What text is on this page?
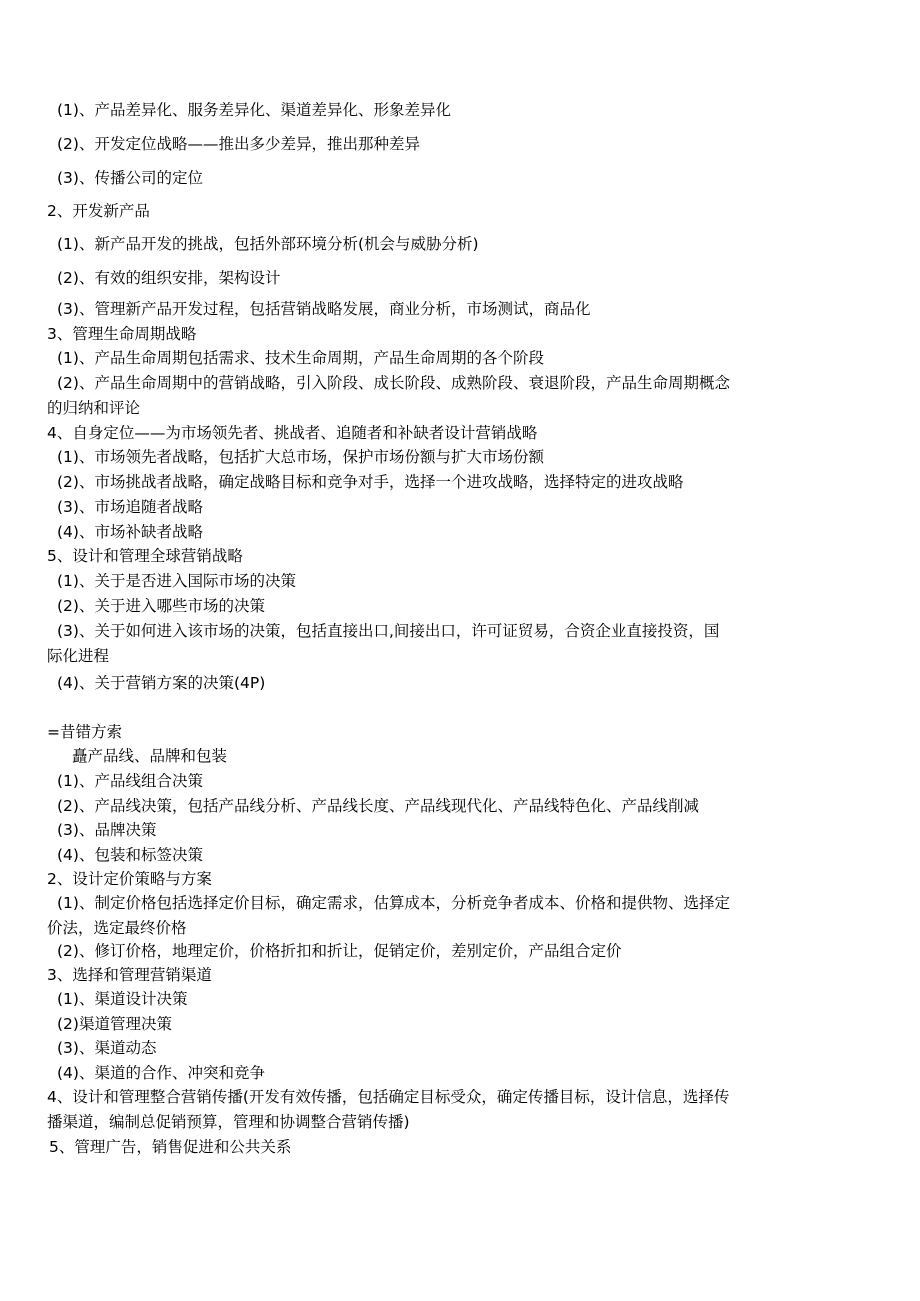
(1)、产品差异化、服务差异化、渠道差异化、形象差异化
(2)、开发定位战略——推出多少差异，推出那种差异
(3)、传播公司的定位
2、开发新产品
(1)、新产品开发的挑战，包括外部环境分析(机会与威胁分析)
(2)、有效的组织安排，架构设计
(3)、管理新产品开发过程，包括营销战略发展，商业分析，市场测试，商品化
3、管理生命周期战略
(1)、产品生命周期包括需求、技术生命周期，产品生命周期的各个阶段
(2)、产品生命周期中的营销战略，引入阶段、成长阶段、成熟阶段、衰退阶段，产品生命周期概念
的归纳和评论
4、自身定位——为市场领先者、挑战者、追随者和补缺者设计营销战略
(1)、市场领先者战略，包括扩大总市场，保护市场份额与扩大市场份额
(2)、市场挑战者战略，确定战略目标和竞争对手，选择一个进攻战略，选择特定的进攻战略
(3)、市场追随者战略
(4)、市场补缺者战略
5、设计和管理全球营销战略
(1)、关于是否进入国际市场的决策
(2)、关于进入哪些市场的决策
(3)、关于如何进入该市场的决策，包括直接出口,间接出口，许可证贸易，合资企业直接投资，国
际化进程
(4)、关于营销方案的决策(4P)
=昔错方索
矗产品线、品牌和包装
(1)、产品线组合决策
(2)、产品线决策，包括产品线分析、产品线长度、产品线现代化、产品线特色化、产品线削减
(3)、品牌决策
(4)、包装和标签决策
2、设计定价策略与方案
(1)、制定价格包括选择定价目标，确定需求，估算成本，分析竞争者成本、价格和提供物、选择定
价法，选定最终价格
(2)、修订价格，地理定价，价格折扣和折让，促销定价，差别定价，产品组合定价
3、选择和管理营销渠道
(1)、渠道设计决策
(2)渠道管理决策
(3)、渠道动态
(4)、渠道的合作、冲突和竞争
4、设计和管理整合营销传播(开发有效传播，包括确定目标受众，确定传播目标，设计信息，选择传
播渠道，编制总促销预算，管理和协调整合营销传播)
5、管理广告，销售促进和公共关系
